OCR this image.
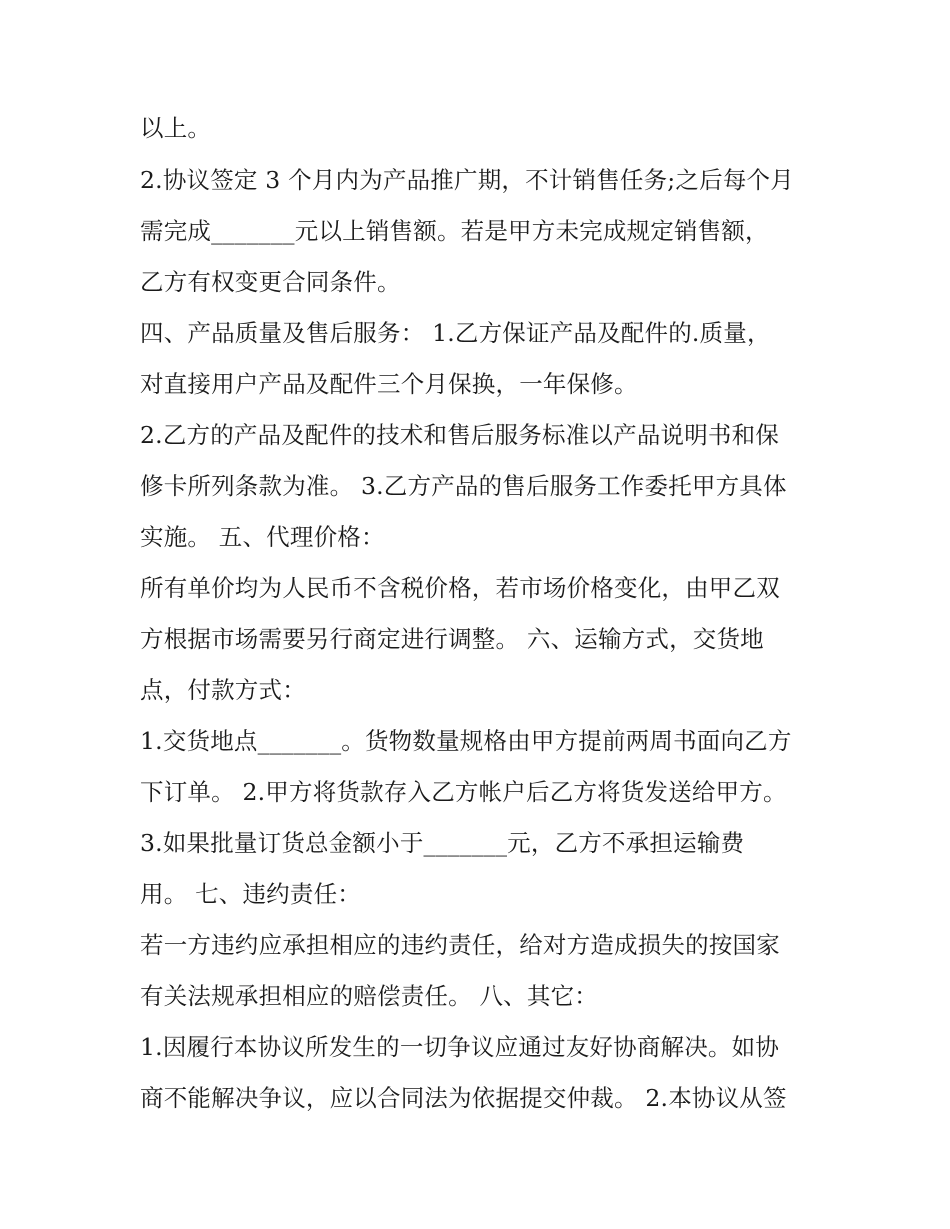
以上。
2.协议签定 3 个月内为产品推广期，不计销售任务;之后每个月
需完成_______元以上销售额。若是甲方未完成规定销售额，
乙方有权变更合同条件。
四、产品质量及售后服务： 1.乙方保证产品及配件的.质量，
对直接用户产品及配件三个月保换，一年保修。
2.乙方的产品及配件的技术和售后服务标准以产品说明书和保
修卡所列条款为准。 3.乙方产品的售后服务工作委托甲方具体
实施。 五、代理价格：
所有单价均为人民币不含税价格，若市场价格变化，由甲乙双
方根据市场需要另行商定进行调整。 六、运输方式，交货地
点，付款方式：
1.交货地点_______。货物数量规格由甲方提前两周书面向乙方
下订单。 2.甲方将货款存入乙方帐户后乙方将货发送给甲方。
3.如果批量订货总金额小于_______元，乙方不承担运输费
用。 七、违约责任：
若一方违约应承担相应的违约责任，给对方造成损失的按国家
有关法规承担相应的赔偿责任。 八、其它：
1.因履行本协议所发生的一切争议应通过友好协商解决。如协
商不能解决争议，应以合同法为依据提交仲裁。 2.本协议从签
